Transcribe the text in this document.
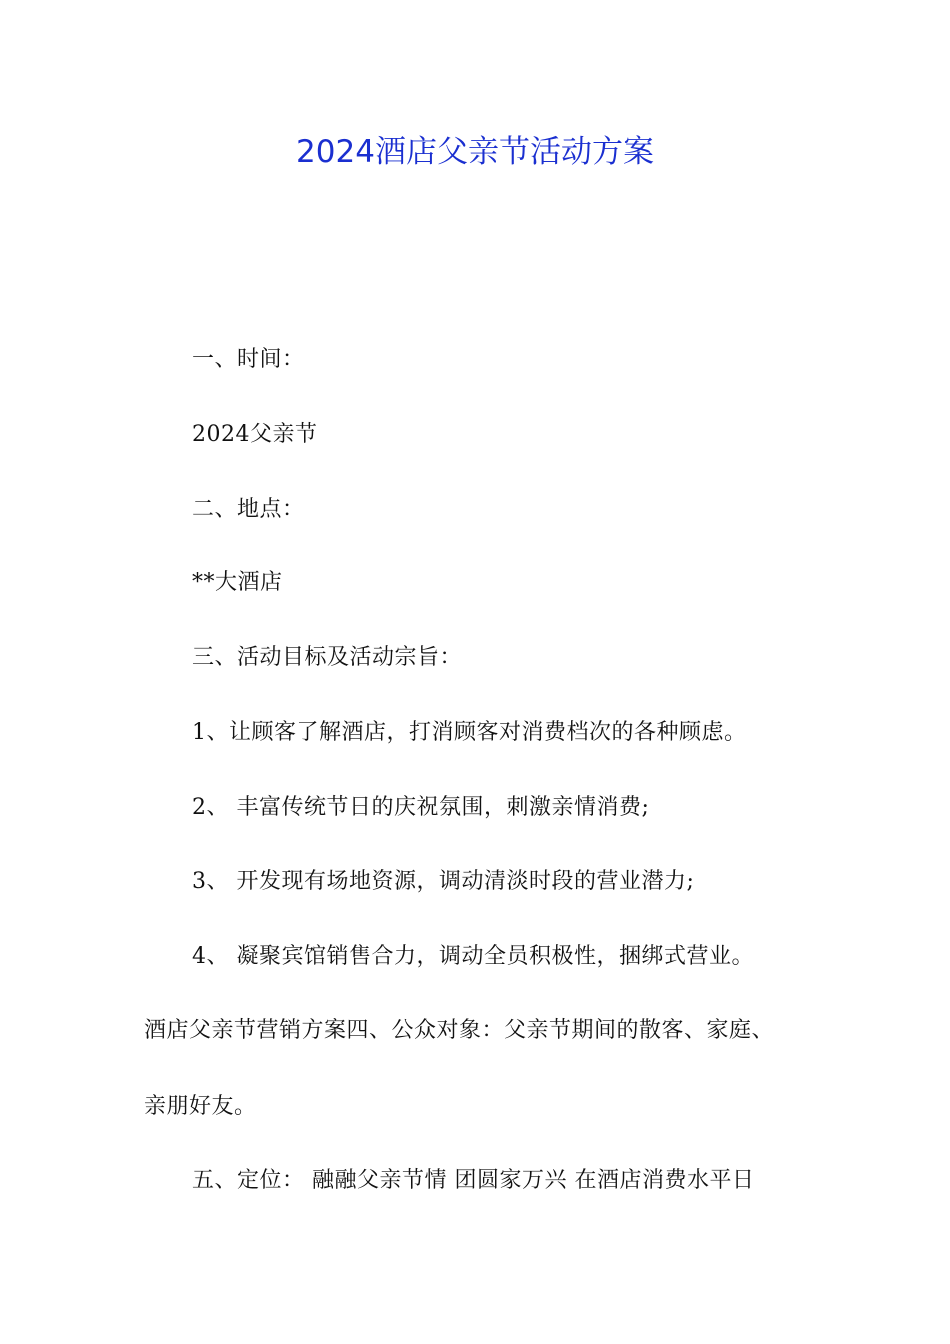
2024酒店父亲节活动方案
一、时间：
2024父亲节
二、地点：
**大酒店
三、活动目标及活动宗旨：
1、让顾客了解酒店，打消顾客对消费档次的各种顾虑。
2、 丰富传统节日的庆祝氛围，刺激亲情消费;
3、 开发现有场地资源，调动清淡时段的营业潜力;
4、 凝聚宾馆销售合力，调动全员积极性，捆绑式营业。
酒店父亲节营销方案四、公众对象：父亲节期间的散客、家庭、
亲朋好友。
五、定位： 融融父亲节情 团圆家万兴 在酒店消费水平日
